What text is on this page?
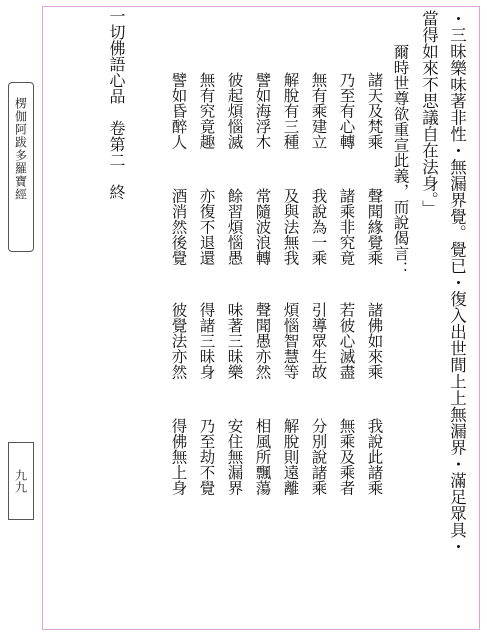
楞伽阿跋多羅寶經
九九	・三昧樂味著非性・無漏界覺。覺已・復入出世間上上無漏界・滿足眾具・
當得如來不思議自在法身。」
爾時世尊欲重宣此義，而說偈言：
諸天及梵乘
聲聞緣覺乘
諸佛如來乘
我說此諸乘
乃至有心轉
諸乘非究竟
若彼心滅盡
無乘及乘者
無有乘建立
我說為一乘
引導眾生故
分別說諸乘
解脫有三種
及與法無我
煩惱智慧等
解脫則遠離
譬如海浮木
常隨波浪轉
聲聞愚亦然
相風所飄蕩
彼起煩惱滅
餘習煩惱愚
味著三昧樂
安住無漏界
無有究竟趣
亦復不退還
得諸三昧身
乃至劫不覺
譬如昏醉人
酒消然後覺
彼覺法亦然
得佛無上身
一切佛語心品　卷第二　終
